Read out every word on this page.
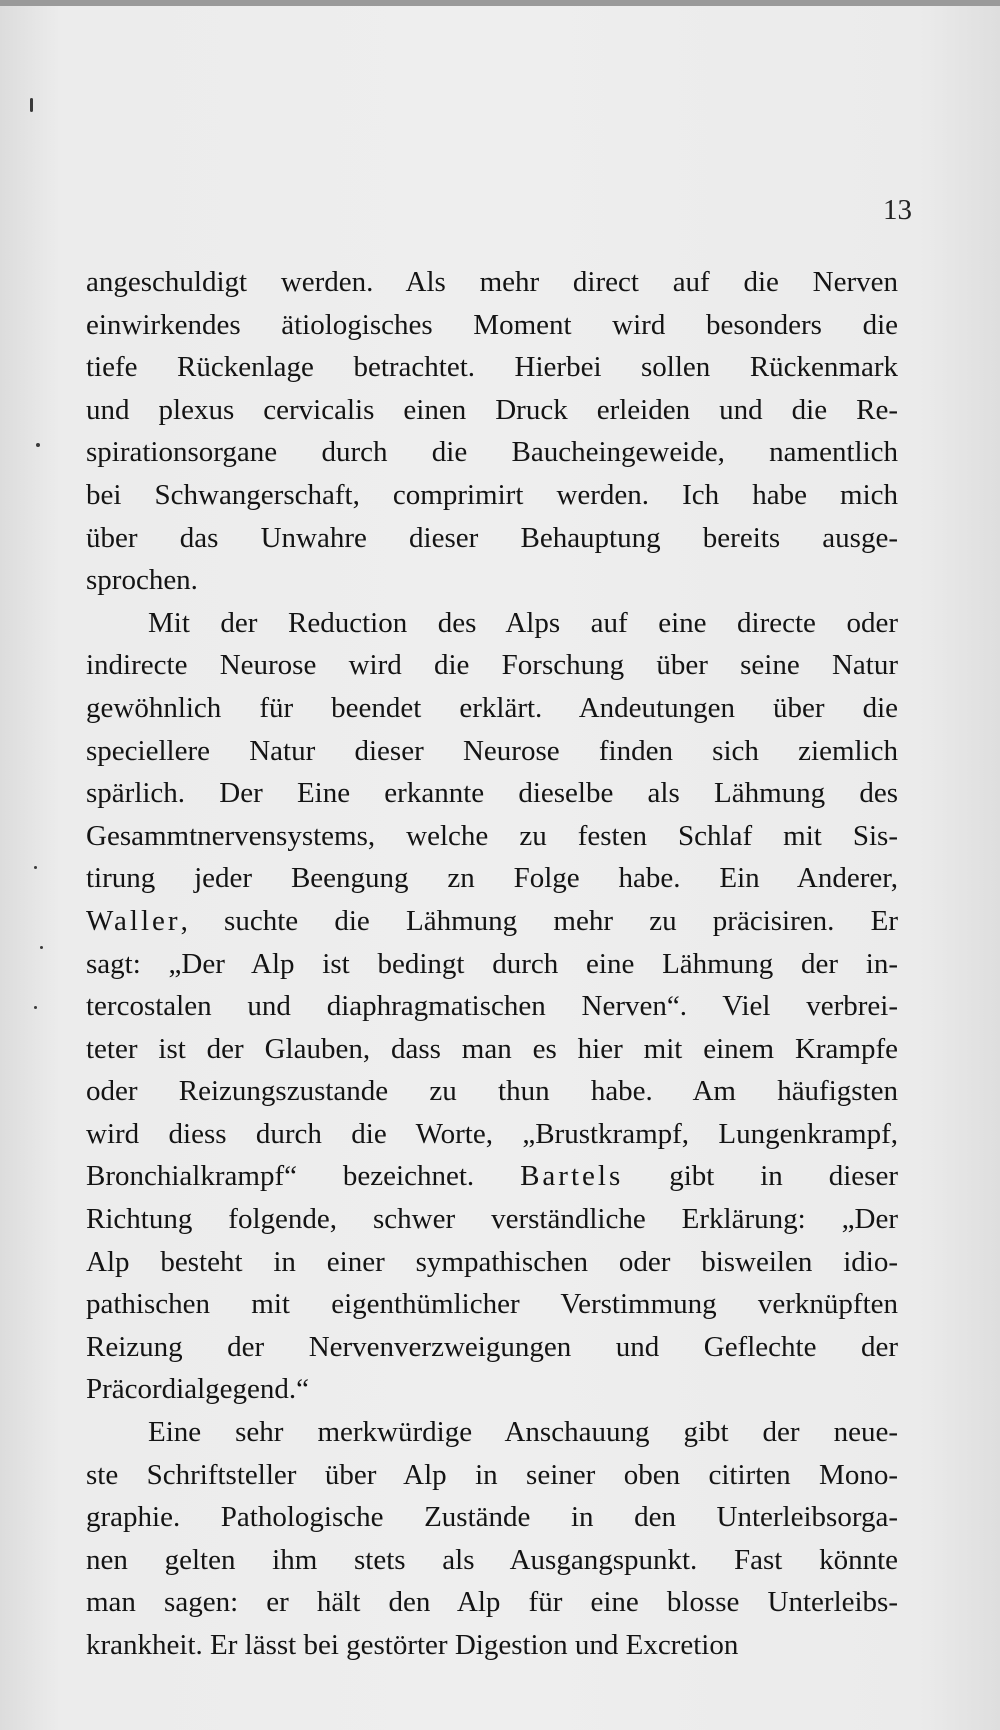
13

angeschuldigt werden. Als mehr direct auf die Nerven
einwirkendes ätiologisches Moment wird besonders die
tiefe Rückenlage betrachtet. Hierbei sollen Rückenmark
und plexus cervicalis einen Druck erleiden und die Re-
spirationsorgane durch die Baucheingeweide, namentlich
bei Schwangerschaft, comprimirt werden. Ich habe mich
über das Unwahre dieser Behauptung bereits ausge-
sprochen.
Mit der Reduction des Alps auf eine directe oder
indirecte Neurose wird die Forschung über seine Natur
gewöhnlich für beendet erklärt. Andeutungen über die
speciellere Natur dieser Neurose finden sich ziemlich
spärlich. Der Eine erkannte dieselbe als Lähmung des
Gesammtnervensystems, welche zu festen Schlaf mit Sis-
tirung jeder Beengung zn Folge habe. Ein Anderer,
Waller, suchte die Lähmung mehr zu präcisiren. Er
sagt: „Der Alp ist bedingt durch eine Lähmung der in-
tercostalen und diaphragmatischen Nerven“. Viel verbrei-
teter ist der Glauben, dass man es hier mit einem Krampfe
oder Reizungszustande zu thun habe. Am häufigsten
wird diess durch die Worte, „Brustkrampf, Lungenkrampf,
Bronchialkrampf“ bezeichnet. Bartels gibt in dieser
Richtung folgende, schwer verständliche Erklärung: „Der
Alp besteht in einer sympathischen oder bisweilen idio-
pathischen mit eigenthümlicher Verstimmung verknüpften
Reizung der Nervenverzweigungen und Geflechte der
Präcordialgegend.“
Eine sehr merkwürdige Anschauung gibt der neue-
ste Schriftsteller über Alp in seiner oben citirten Mono-
graphie. Pathologische Zustände in den Unterleibsorga-
nen gelten ihm stets als Ausgangspunkt. Fast könnte
man sagen: er hält den Alp für eine blosse Unterleibs-
krankheit. Er lässt bei gestörter Digestion und Excretion
